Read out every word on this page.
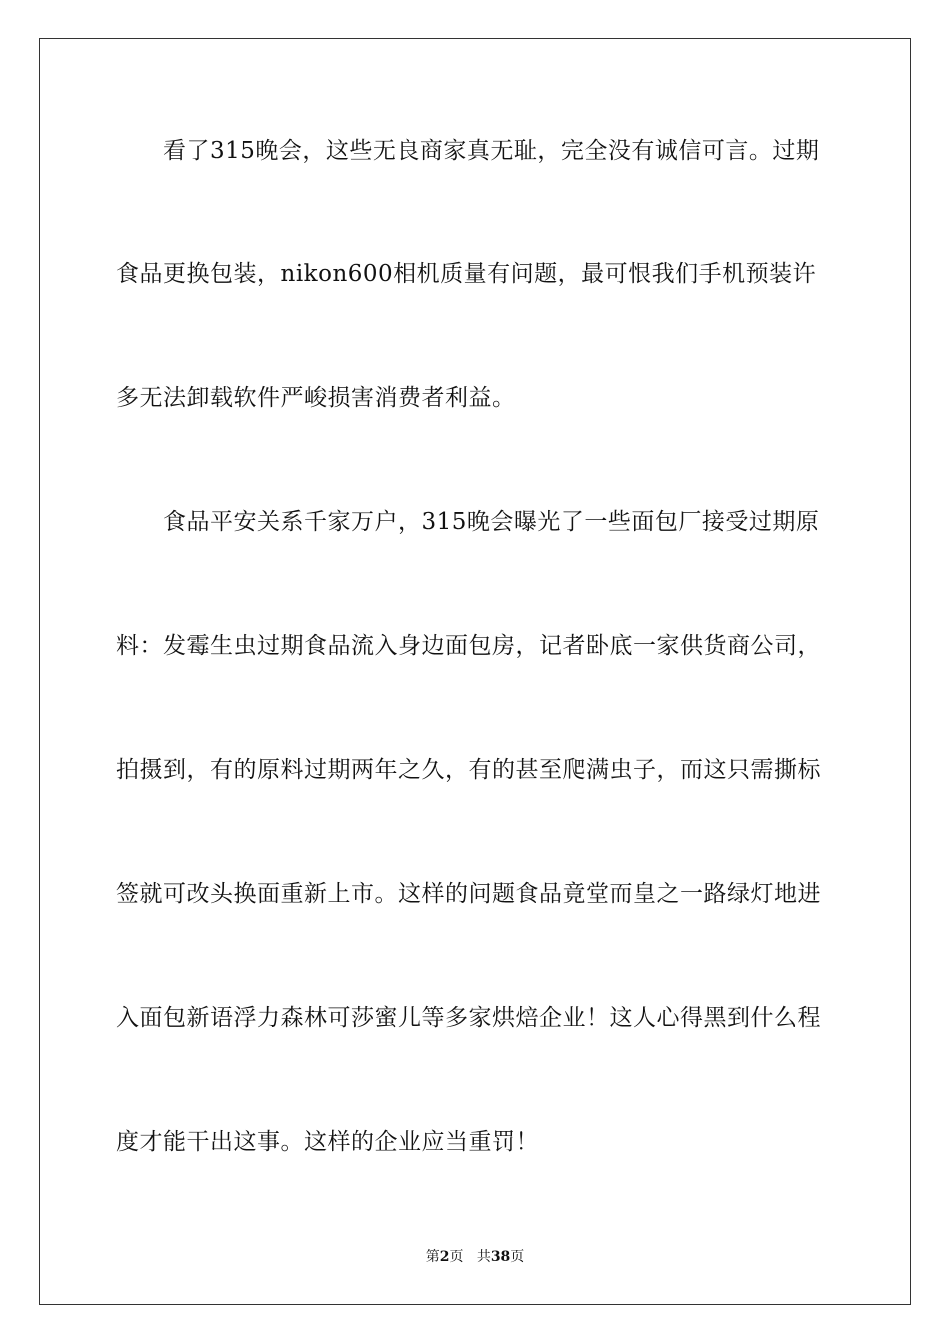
看了315晚会，这些无良商家真无耻，完全没有诚信可言。过期
食品更换包装，nikon600相机质量有问题，最可恨我们手机预装许
多无法卸载软件严峻损害消费者利益。
食品平安关系千家万户，315晚会曝光了一些面包厂接受过期原
料：发霉生虫过期食品流入身边面包房，记者卧底一家供货商公司，
拍摄到，有的原料过期两年之久，有的甚至爬满虫子，而这只需撕标
签就可改头换面重新上市。这样的问题食品竟堂而皇之一路绿灯地进
入面包新语浮力森林可莎蜜儿等多家烘焙企业！这人心得黑到什么程
度才能干出这事。这样的企业应当重罚！
第2页 共38页
